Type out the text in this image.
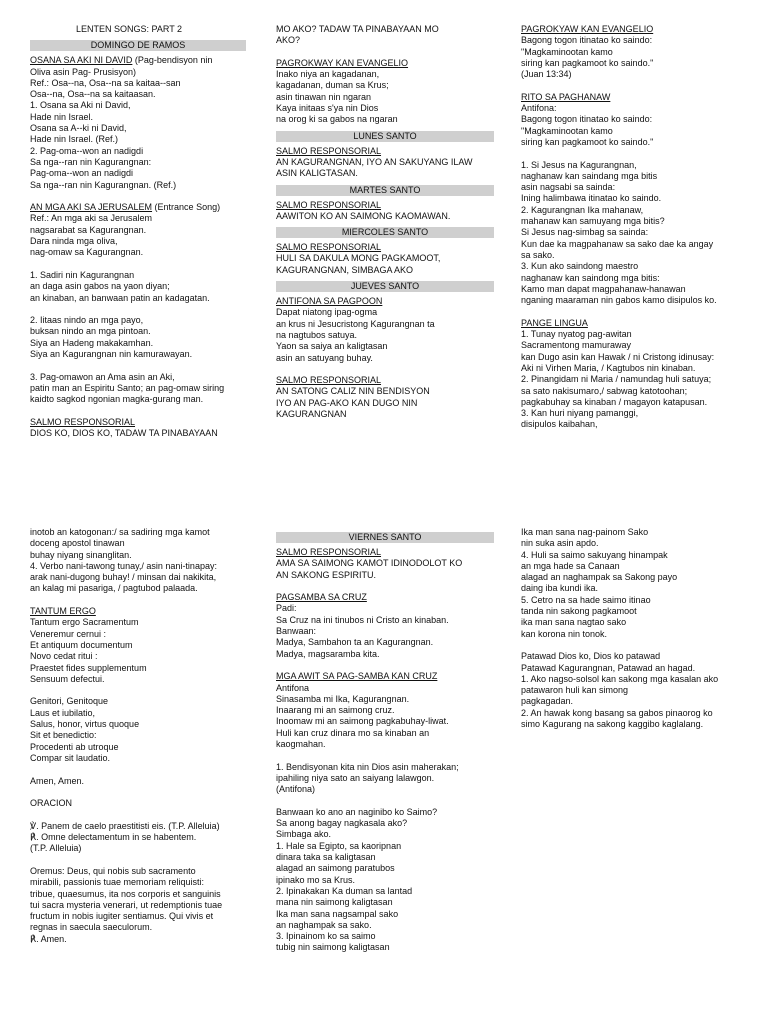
LENTEN SONGS: PART 2
DOMINGO DE RAMOS
OSANA SA AKI NI DAVID (Pag-bendisyon nin
Oliva asin Pag- Prusisyon)
Ref.: Osa--na, Osa--na sa kaitaa--san
Osa--na, Osa--na sa kaitaasan.
1. Osana sa Aki ni David,
Hade nin Israel.
Osana sa A--ki ni David,
Hade nin Israel. (Ref.)
2. Pag-oma--won an nadigdi
Sa nga--ran nin Kagurangnan:
Pag-oma--won an nadigdi
Sa nga--ran nin Kagurangnan. (Ref.)
AN MGA AKI SA JERUSALEM (Entrance Song)
Ref.: An mga aki sa Jerusalem
nagsarabat sa Kagurangnan.
Dara ninda mga oliva,
nag-omaw sa Kagurangnan.
1. Sadiri nin Kagurangnan
an daga asin gabos na yaon diyan;
an kinaban, an banwaan patin an kadagatan.
2. Iitaas nindo an mga payo,
buksan nindo an mga pintoan.
Siya an Hadeng makakamhan.
Siya an Kagurangnan nin kamurawayan.
3. Pag-omawon an Ama asin an Aki,
patin man an Espiritu Santo; an pag-omaw siring
kaidto sagkod ngonian magka-gurang man.
SALMO RESPONSORIAL
DIOS KO, DIOS KO, TADAW TA PINABAYAAN
MO AKO? TADAW TA PINABAYAAN MO
AKO?
PAGROKWAY KAN EVANGELIO
Inako niya an kagadanan,
kagadanan, duman sa Krus;
asin tinawan nin ngaran
Kaya initaas s'ya nin Dios
na orog ki sa gabos na ngaran
LUNES SANTO
SALMO RESPONSORIAL
AN KAGURANGNAN, IYO AN SAKUYANG ILAW
ASIN KALIGTASAN.
MARTES SANTO
SALMO RESPONSORIAL
AAWITON KO AN SAIMONG KAOMAWAN.
MIERCOLES SANTO
SALMO RESPONSORIAL
HULI SA DAKULA MONG PAGKAMOOT,
KAGURANGNAN, SIMBAGA AKO
JUEVES SANTO
ANTIFONA SA PAGPOON
Dapat niatong ipag-ogma
an krus ni Jesucristong Kagurangnan ta
na nagtubos satuya.
Yaon sa saiya an kaligtasan
asin an satuyang buhay.
SALMO RESPONSORIAL
AN SATONG CALIZ NIN BENDISYON
IYO AN PAG-AKO KAN DUGO NIN
KAGURANGNAN
PAGROKYAW KAN EVANGELIO
Bagong togon itinatao ko saindo:
"Magkaminootan kamo
siring kan pagkamoot ko saindo."
(Juan 13:34)
RITO SA PAGHANAW
Antifona:
Bagong togon itinatao ko saindo:
"Magkaminootan kamo
siring kan pagkamoot ko saindo."
1. Si Jesus na Kagurangnan,
naghanaw kan saindang mga bitis
asin nagsabi sa sainda:
Ining halimbawa itinatao ko saindo.
2. Kagurangnan Ika mahanaw,
mahanaw kan samuyang mga bitis?
Si Jesus nag-simbag sa sainda:
Kun dae ka magpahanaw sa sako dae ka angay
sa sako.
3. Kun ako saindong maestro
naghanaw kan saindong mga bitis:
Kamo man dapat magpahanaw-hanawan
nganing maaraman nin gabos kamo disipulos ko.
PANGE LINGUA
1. Tunay nyatog pag-awitan
Sacramentong mamuraway
kan Dugo asin kan Hawak / ni Cristong idinusay:
Aki ni Virhen Maria, / Kagtubos nin kinaban.
2. Pinangidam ni Maria / namundag huli satuya;
sa sato nakisumaro,/ sabwag katotoohan;
pagkabuhay sa kinaban / magayon katapusan.
3. Kan huri niyang pamanggi,
disipulos kaibahan,
inotob an katogonan:/ sa sadiring mga kamot
doceng apostol tinawan
buhay niyang sinanglitan.
4. Verbo nani-tawong tunay,/ asin nani-tinapay:
arak nani-dugong buhay! / minsan dai nakikita,
an kalag mi pasariga, / pagtubod palaada.
TANTUM ERGO
Tantum ergo Sacramentum
Veneremur cernui :
Et antiquum documentum
Novo cedat ritui :
Praestet fides supplementum
Sensuum defectui.
Genitori, Genitoque
Laus et iubilatio,
Salus, honor, virtus quoque
Sit et benedictio:
Procedenti ab utroque
Compar sit laudatio.
Amen, Amen.
ORACION
℣. Panem de caelo praestitisti eis. (T.P. Alleluia)
℟. Omne delectamentum in se habentem.
(T.P. Alleluia)
Oremus: Deus, qui nobis sub sacramento
mirabili, passionis tuae memoriam reliquisti:
tribue, quaesumus, ita nos corporis et sanguinis
tui sacra mysteria venerari, ut redemptionis tuae
fructum in nobis iugiter sentiamus. Qui vivis et
regnas in saecula saeculorum.
℟. Amen.
VIERNES SANTO
SALMO RESPONSORIAL
AMA SA SAIMONG KAMOT IDINODOLOT KO
AN SAKONG ESPIRITU.
PAGSAMBA SA CRUZ
Padi:
Sa Cruz na ini tinubos ni Cristo an kinaban.
Banwaan:
Madya, Sambahon ta an Kagurangnan.
Madya, magsaramba kita.
MGA AWIT SA PAG-SAMBA KAN CRUZ
Antifona
Sinasamba mi Ika, Kagurangnan.
Inaarang mi an saimong cruz.
Inoomaw mi an saimong pagkabuhay-liwat.
Huli kan cruz dinara mo sa kinaban an
kaogmahan.
1. Bendisyonan kita nin Dios asin maherakan;
ipahiling niya sato an saiyang lalawgon.
(Antifona)
Banwaan ko ano an naginibo ko Saimo?
Sa anong bagay nagkasala ako?
Simbaga ako.
1. Hale sa Egipto, sa kaoripnan
dinara taka sa kaligtasan
alagad an saimong paratubos
ipinako mo sa Krus.
2. Ipinakakan Ka duman sa lantad
mana nin saimong kaligtasan
Ika man sana nagsampal sako
an naghampak sa sako.
3. Ipinainom ko sa saimo
tubig nin saimong kaligtasan
Ika man sana nag-painom Sako
nin suka asin apdo.
4. Huli sa saimo sakuyang hinampak
an mga hade sa Canaan
alagad an naghampak sa Sakong payo
daing iba kundi ika.
5. Cetro na sa hade saimo itinao
tanda nin sakong pagkamoot
ika man sana nagtao sako
kan korona nin tonok.
Patawad Dios ko, Dios ko patawad
Patawad Kagurangnan, Patawad an hagad.
1. Ako nagso-solsol kan sakong mga kasalan ako
patawaron huli kan simong
pagkagadan.
2. An hawak kong basang sa gabos pinaorog ko
simo Kagurang na sakong kaggibo kaglalang.
